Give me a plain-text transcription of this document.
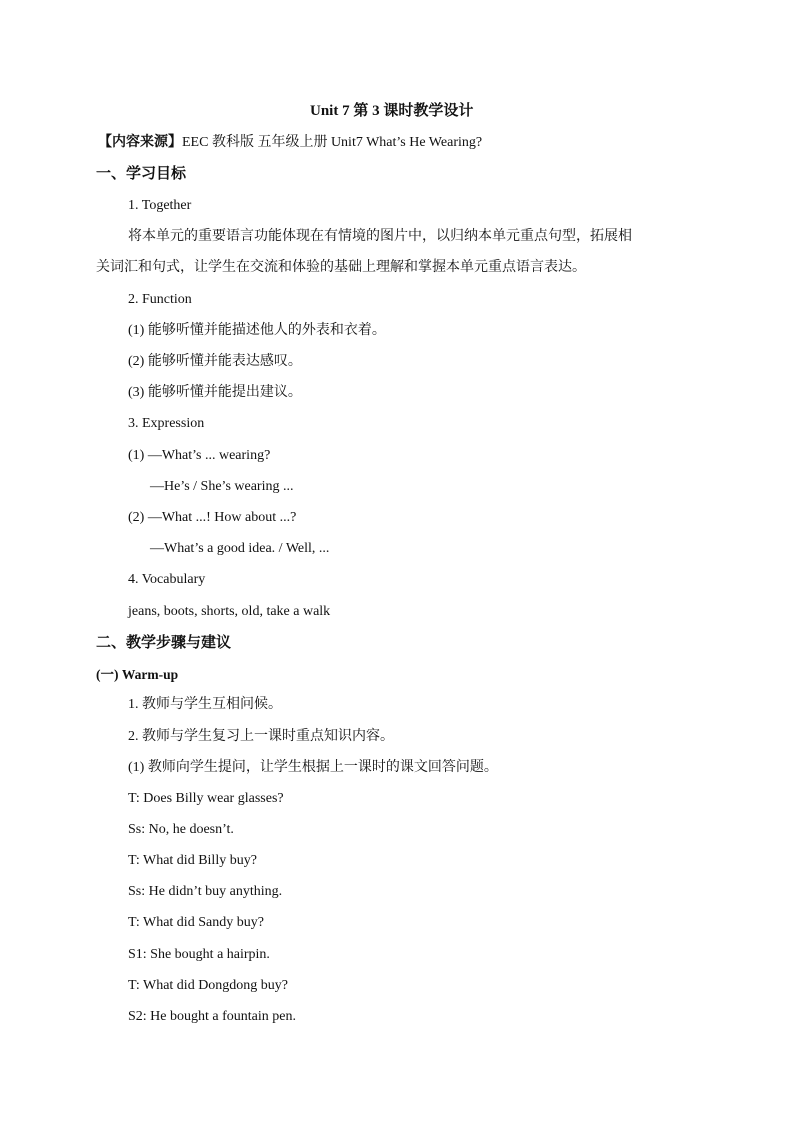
Unit 7 第 3 课时教学设计
【内容来源】EEC 教科版 五年级上册 Unit7 What’s He Wearing?
一、学习目标
1. Together
将本单元的重要语言功能体现在有情境的图片中，以归纳本单元重点句型，拓展相
关词汇和句式，让学生在交流和体验的基础上理解和掌握本单元重点语言表达。
2. Function
(1) 能够听懂并能描述他人的外表和衣着。
(2) 能够听懂并能表达感叹。
(3) 能够听懂并能提出建议。
3. Expression
(1) —What’s ... wearing?
—He’s / She’s wearing ...
(2) —What ...! How about ...?
—What’s a good idea. / Well, ...
4. Vocabulary
jeans, boots, shorts, old, take a walk
二、教学步骤与建议
(一) Warm-up
1. 教师与学生互相问候。
2. 教师与学生复习上一课时重点知识内容。
(1) 教师向学生提问，让学生根据上一课时的课文回答问题。
T: Does Billy wear glasses?
Ss: No, he doesn’t.
T: What did Billy buy?
Ss: He didn’t buy anything.
T: What did Sandy buy?
S1: She bought a hairpin.
T: What did Dongdong buy?
S2: He bought a fountain pen.
